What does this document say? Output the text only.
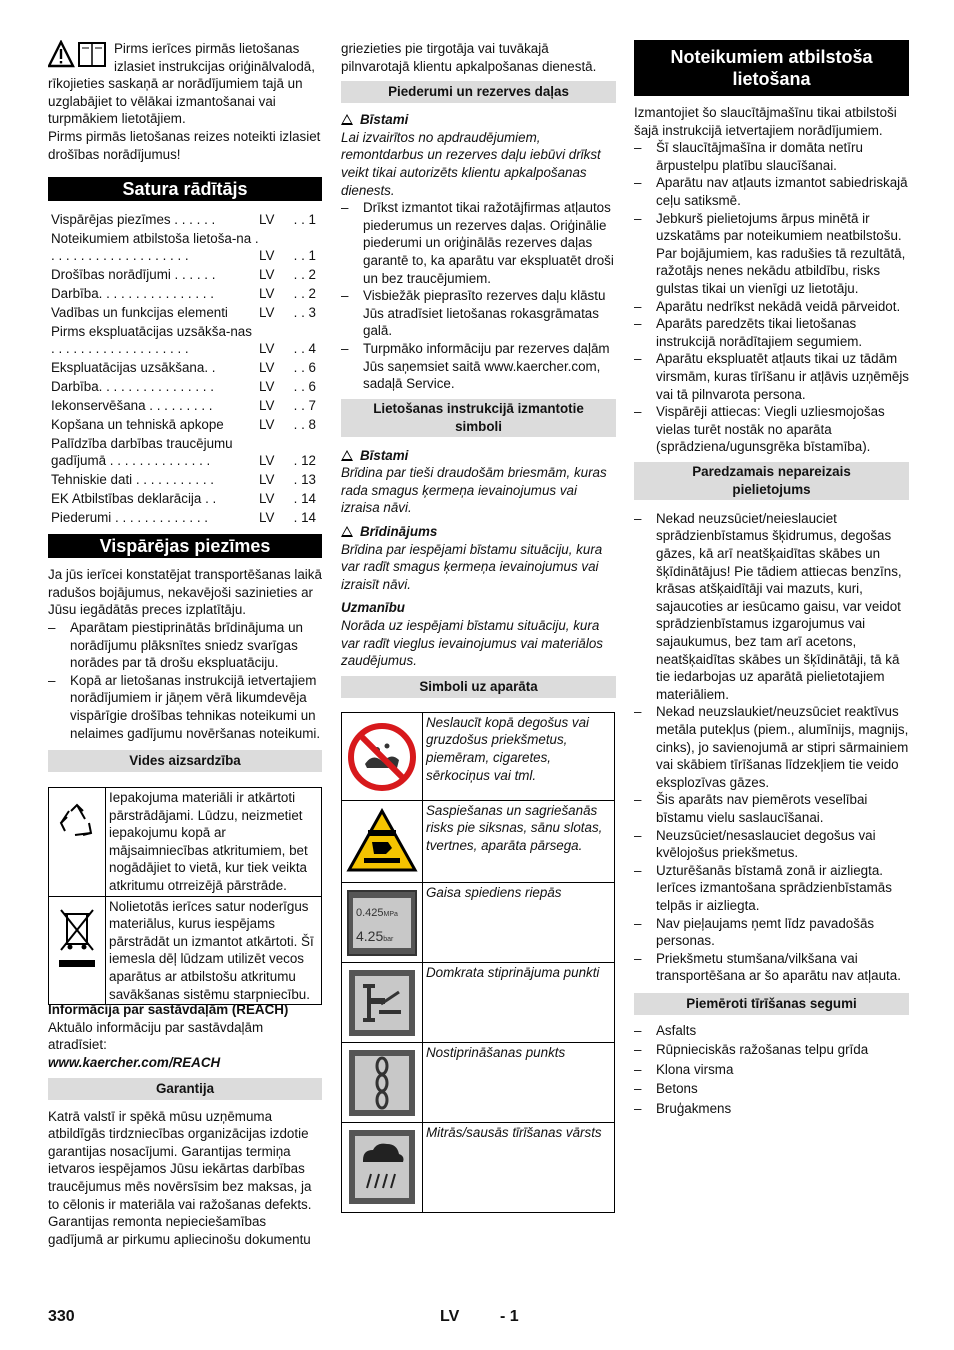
Pirms ierīces pirmās lietošanas izlasiet instrukcijas oriģinālvalodā, rīkojieties saskaņā ar norādījumiem tajā un uzglabājiet to vēlākai izmantošanai vai turpmākiem lietotājiem.

Pirms pirmās lietošanas reizes noteikti izlasiet drošības norādījumus!

Satura rādītājs
Vispārējas piezīmes . . . . . .	LV	. . 1
Noteikumiem atbilstoša lietoša-na . . . . . . . . . . . . . . . . . . . .	LV	. . 1
Drošības norādījumi . . . . . .	LV	. . 2
Darbība. . . . . . . . . . . . . . . .	LV	. . 2
Vadības un funkcijas elementi	LV	. . 3
Pirms ekspluatācijas uzsākša-nas . . . . . . . . . . . . . . . . . . .	LV	. . 4
Ekspluatācijas uzsākšana. .	LV	. . 6
Darbība. . . . . . . . . . . . . . . .	LV	. . 6
Iekonservēšana . . . . . . . . .	LV	. . 7
Kopšana un tehniskā apkope	LV	. . 8
Palīdzība darbības traucējumu gadījumā . . . . . . . . . . . . . .	LV	. 12
Tehniskie dati . . . . . . . . . . .	LV	. 13
EK Atbilstības deklarācija . .	LV	. 14
Piederumi . . . . . . . . . . . . .	LV	. 14
Vispārējas piezīmes

Ja jūs ierīcei konstatējat transportēšanas laikā radušos bojājumus, nekavējoši sazinieties ar Jūsu iegādātās preces izplatītāju.

– Aparātam piestiprinātās brīdinājuma un norādījumu plāksnītes sniedz svarīgas norādes par tā drošu ekspluatāciju.
– Kopā ar lietošanas instrukcijā ietvertajiem norādījumiem ir jāņem vērā likumdevēja vispārīgie drošības tehnikas noteikumi un nelaimes gadījumu novēršanas noteikumi.
Vides aizsardzība
	Iepakojuma materiāli ir atkārtoti pārstrādājami. Lūdzu, neizmetiet iepakojumu kopā ar mājsaimniecības atkritumiem, bet nogādājiet to vietā, kur tiek veikta atkritumu otrreizējā pārstrāde.
	Nolietotās ierīces satur noderīgus materiālus, kurus iespējams pārstrādāt un izmantot atkārtoti. Šī iemesla dēļ lūdzam utilizēt vecos aparātus ar atbilstošu atkritumu savākšanas sistēmu starpniecību.

Informācija par sastāvdaļām (REACH)

Aktuālo informāciju par sastāvdaļām atradīsiet:

www.kaercher.com/REACH

Garantija

Katrā valstī ir spēkā mūsu uzņēmuma atbildīgās tirdzniecības organizācijas izdotie garantijas nosacījumi. Garantijas termiņa ietvaros iespējamos Jūsu iekārtas darbības traucējumus mēs novērsīsim bez maksas, ja to cēlonis ir materiāla vai ražošanas defekts. Garantijas remonta nepieciešamības gadījumā ar pirkumu apliecinošu dokumentu

griezieties pie tirgotāja vai tuvākajā pilnvarotajā klientu apkalpošanas dienestā.

Piederumi un rezerves daļas

Bīstami

Lai izvairītos no apdraudējumiem, remontdarbus un rezerves daļu iebūvi drīkst veikt tikai autorizēts klientu apkalpošanas dienests.

– Drīkst izmantot tikai ražotājfirmas atļautos piederumus un rezerves daļas. Oriģinālie piederumi un oriģinālās rezerves daļas garantē to, ka aparātu var ekspluatēt droši un bez traucējumiem.
– Visbiežāk pieprasīto rezerves daļu klāstu Jūs atradīsiet lietošanas rokasgrāmatas galā.
– Turpmāko informāciju par rezerves daļām Jūs saņemsiet saitā www.kaercher.com, sadaļā Service.
Lietošanas instrukcijā izmantotie simboli

Bīstami

Brīdina par tieši draudošām briesmām, kuras rada smagus ķermeņa ievainojumus vai izraisa nāvi.

Brīdinājums

Brīdina par iespējami bīstamu situāciju, kura var radīt smagus ķermeņa ievainojumus vai izraisīt nāvi.

Uzmanību

Norāda uz iespējami bīstamu situāciju, kura var radīt vieglus ievainojumus vai materiālos zaudējumus.

Simboli uz aparāta
	Neslaucīt kopā degošus vai gruzdošus priekšmetus, piemēram, cigaretes, sērkociņus vai tml.
	Saspiešanas un sagriešanās risks pie siksnas, sānu slotas, tvertnes, aparāta pārsega.

0.425MPa
4.25bar	Gaisa spiediens riepās
	Domkrata stiprinājuma punkti
	Nostiprināšanas punkts
	Mitrās/sausās tīrīšanas vārsts
Noteikumiem atbilstoša lietošana

Izmantojiet šo slaucītājmašīnu tikai atbilstoši šajā instrukcijā ietvertajiem norādījumiem.

– Šī slaucītājmašīna ir domāta netīru ārpustelpu platību slaucīšanai.
– Aparātu nav atļauts izmantot sabiedriskajā ceļu satiksmē.
– Jebkurš pielietojums ārpus minētā ir uzskatāms par noteikumiem neatbilstošu. Par bojājumiem, kas radušies tā rezultātā, ražotājs nenes nekādu atbildību, risks gulstas tikai un vienīgi uz lietotāju.
– Aparātu nedrīkst nekādā veidā pārveidot.
– Aparāts paredzēts tikai lietošanas instrukcijā norādītajiem segumiem.
– Aparātu ekspluatēt atļauts tikai uz tādām virsmām, kuras tīrīšanu ir atļāvis uzņēmējs vai tā pilnvarota persona.
– Vispārēji attiecas: Viegli uzliesmojošas vielas turēt nostāk no aparāta (sprādziena/ugunsgrēka bīstamība).
Paredzamais nepareizais pielietojums
– Nekad neuzsūciet/neieslauciet sprādzienbīstamus šķidrumus, degošas gāzes, kā arī neatšķaidītas skābes un šķīdinātājus! Pie tādiem attiecas benzīns, krāsas atšķaidītāji vai mazuts, kuri, sajaucoties ar iesūcamo gaisu, var veidot sprādzienbīstamus izgarojumus vai sajaukumus, bez tam arī acetons, neatšķaidītas skābes un šķīdinātāji, tā kā tie iedarbojas uz aparātā pielietotajiem materiāliem.
– Nekad neuzslaukiet/neuzsūciet reaktīvus metāla putekļus (piem., alumīnijs, magnijs, cinks), jo savienojumā ar stipri sārmainiem vai skābiem tīrīšanas līdzekļiem tie veido eksplozīvas gāzes.
– Šis aparāts nav piemērots veselībai bīstamu vielu saslaucīšanai.
– Neuzsūciet/nesaslauciet degošus vai kvēlojošus priekšmetus.
– Uzturēšanās bīstamā zonā ir aizliegta. Ierīces izmantošana sprādzienbīstamās telpās ir aizliegta.
– Nav pieļaujams ņemt līdz pavadošās personas.
– Priekšmetu stumšana/vilkšana vai transportēšana ar šo aparātu nav atļauta.
Piemēroti tīrīšanas segumi
– Asfalts
– Rūpnieciskās ražošanas telpu grīda
– Klona virsma
– Betons
– Bruģakmens
330	LV	- 1
